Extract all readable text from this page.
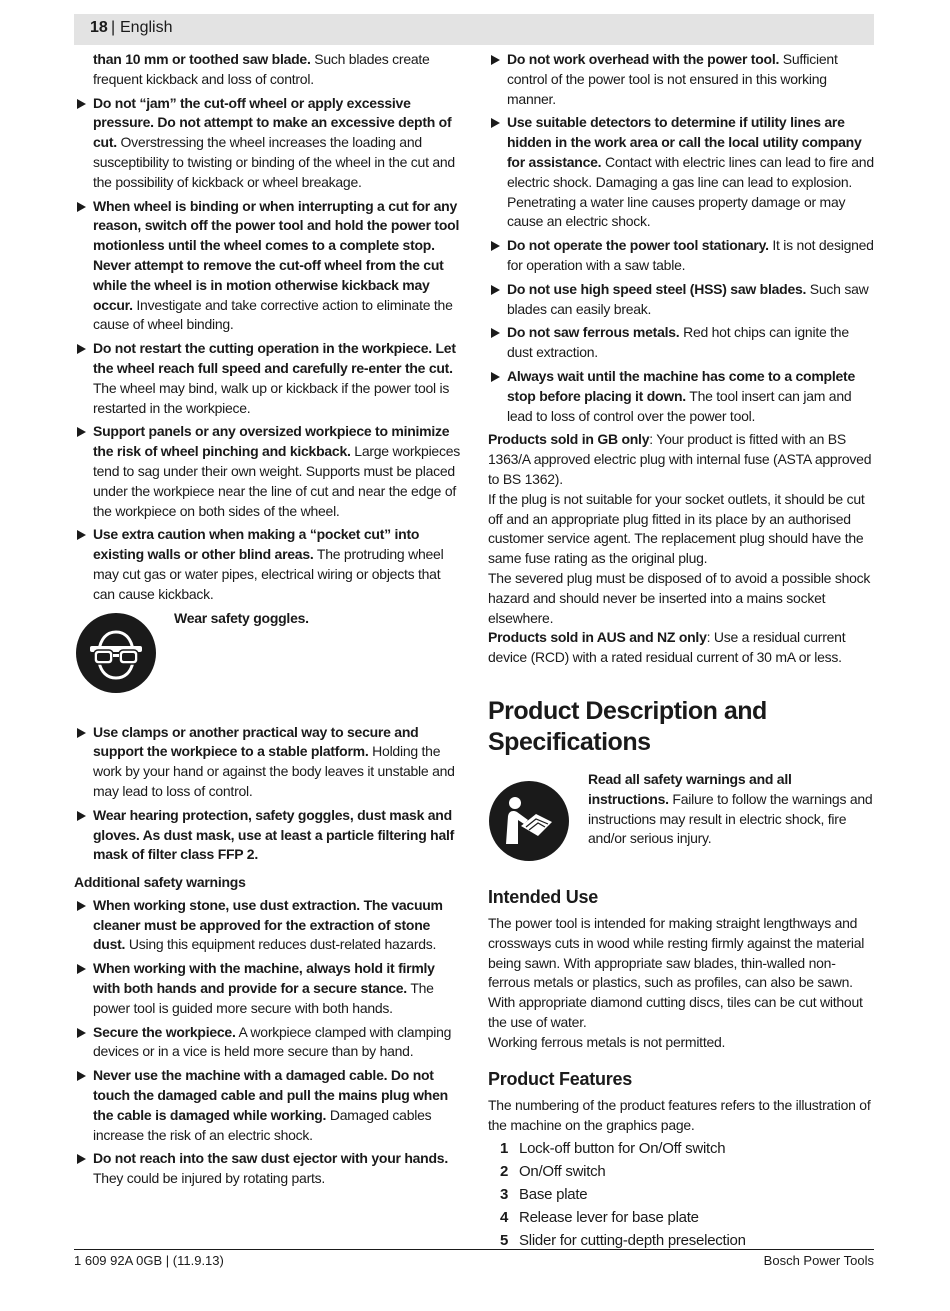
18 | English
than 10 mm or toothed saw blade. Such blades create frequent kickback and loss of control.
Do not “jam” the cut-off wheel or apply excessive pressure. Do not attempt to make an excessive depth of cut. Overstressing the wheel increases the loading and susceptibility to twisting or binding of the wheel in the cut and the possibility of kickback or wheel breakage.
When wheel is binding or when interrupting a cut for any reason, switch off the power tool and hold the power tool motionless until the wheel comes to a complete stop. Never attempt to remove the cut-off wheel from the cut while the wheel is in motion otherwise kickback may occur. Investigate and take corrective action to eliminate the cause of wheel binding.
Do not restart the cutting operation in the workpiece. Let the wheel reach full speed and carefully re-enter the cut. The wheel may bind, walk up or kickback if the power tool is restarted in the workpiece.
Support panels or any oversized workpiece to minimize the risk of wheel pinching and kickback. Large workpieces tend to sag under their own weight. Supports must be placed under the workpiece near the line of cut and near the edge of the workpiece on both sides of the wheel.
Use extra caution when making a “pocket cut” into existing walls or other blind areas. The protruding wheel may cut gas or water pipes, electrical wiring or objects that can cause kickback.
Wear safety goggles.
Use clamps or another practical way to secure and support the workpiece to a stable platform. Holding the work by your hand or against the body leaves it unstable and may lead to loss of control.
Wear hearing protection, safety goggles, dust mask and gloves. As dust mask, use at least a particle filtering half mask of filter class FFP 2.
Additional safety warnings
When working stone, use dust extraction. The vacuum cleaner must be approved for the extraction of stone dust. Using this equipment reduces dust-related hazards.
When working with the machine, always hold it firmly with both hands and provide for a secure stance. The power tool is guided more secure with both hands.
Secure the workpiece. A workpiece clamped with clamping devices or in a vice is held more secure than by hand.
Never use the machine with a damaged cable. Do not touch the damaged cable and pull the mains plug when the cable is damaged while working. Damaged cables increase the risk of an electric shock.
Do not reach into the saw dust ejector with your hands. They could be injured by rotating parts.
Do not work overhead with the power tool. Sufficient control of the power tool is not ensured in this working manner.
Use suitable detectors to determine if utility lines are hidden in the work area or call the local utility company for assistance. Contact with electric lines can lead to fire and electric shock. Damaging a gas line can lead to explosion. Penetrating a water line causes property damage or may cause an electric shock.
Do not operate the power tool stationary. It is not designed for operation with a saw table.
Do not use high speed steel (HSS) saw blades. Such saw blades can easily break.
Do not saw ferrous metals. Red hot chips can ignite the dust extraction.
Always wait until the machine has come to a complete stop before placing it down. The tool insert can jam and lead to loss of control over the power tool.

Products sold in GB only: Your product is fitted with an BS 1363/A approved electric plug with internal fuse (ASTA approved to BS 1362).

If the plug is not suitable for your socket outlets, it should be cut off and an appropriate plug fitted in its place by an authorised customer service agent. The replacement plug should have the same fuse rating as the original plug.

The severed plug must be disposed of to avoid a possible shock hazard and should never be inserted into a mains socket elsewhere.

Products sold in AUS and NZ only: Use a residual current device (RCD) with a rated residual current of 30 mA or less.

Product Description and Specifications
Read all safety warnings and all instructions. Failure to follow the warnings and instructions may result in electric shock, fire and/or serious injury.
Intended Use

The power tool is intended for making straight lengthways and crossways cuts in wood while resting firmly against the material being sawn. With appropriate saw blades, thin-walled non-ferrous metals or plastics, such as profiles, can also be sawn. With appropriate diamond cutting discs, tiles can be cut without the use of water.

Working ferrous metals is not permitted.

Product Features

The numbering of the product features refers to the illustration of the machine on the graphics page.

1 Lock-off button for On/Off switch
2 On/Off switch
3 Base plate
4 Release lever for base plate
5 Slider for cutting-depth preselection
1 609 92A 0GB | (11.9.13)	Bosch Power Tools
